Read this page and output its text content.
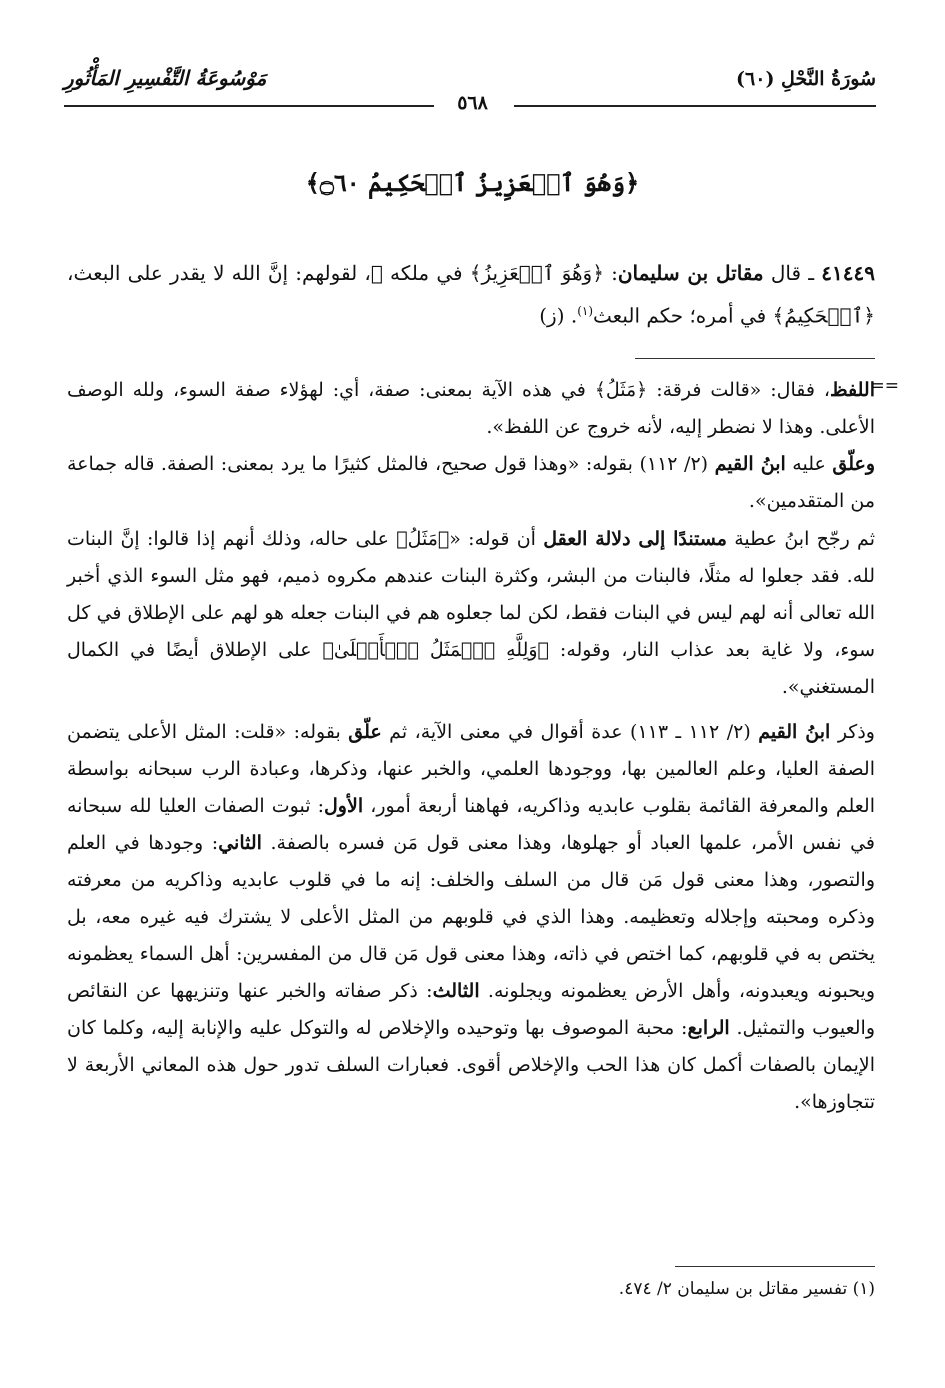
سُورَةُ النَّحْلِ (٦٠)
مَوْسُوعَةُ التَّفْسِيرِ المَأْثُورِ
٥٦٨
﴿وَهُوَ ٱلۡعَزِيزُ ٱلۡحَكِيمُ ۝٦٠﴾
٤١٤٤٩ ـ قال مقاتل بن سليمان: ﴿وَهُوَ ٱلۡعَزِيزُ﴾ في ملكه ﷻ، لقولهم: إنَّ الله لا يقدر على البعث، ﴿ٱلۡحَكِيمُ﴾ في أمره؛ حكم البعث$^{(١)}$. (ز)
==
اللفظ، فقال: «قالت فرقة: ﴿مَثَلُ﴾ في هذه الآية بمعنى: صفة، أي: لهؤلاء صفة السوء، ولله الوصف الأعلى. وهذا لا نضطر إليه، لأنه خروج عن اللفظ».
وعلّق عليه ابنُ القيم (٢/ ١١٢) بقوله: «وهذا قول صحيح، فالمثل كثيرًا ما يرد بمعنى: الصفة. قاله جماعة من المتقدمين».
ثم رجّح ابنُ عطية مستندًا إلى دلالة العقل أن قوله: «﴿مَثَلُ﴾ على حاله، وذلك أنهم إذا قالوا: إنَّ البنات لله. فقد جعلوا له مثلًا، فالبنات من البشر، وكثرة البنات عندهم مكروه ذميم، فهو مثل السوء الذي أخبر الله تعالى أنه لهم ليس في البنات فقط، لكن لما جعلوه هم في البنات جعله هو لهم على الإطلاق في كل سوء، ولا غاية بعد عذاب النار، وقوله: ﴿وَلِلَّهِ ٱلۡمَثَلُ ٱلۡأَعۡلَىٰ﴾ على الإطلاق أيضًا في الكمال المستغني».
وذكر ابنُ القيم (٢/ ١١٢ ـ ١١٣) عدة أقوال في معنى الآية، ثم علّق بقوله: «قلت: المثل الأعلى يتضمن الصفة العليا، وعلم العالمين بها، ووجودها العلمي، والخبر عنها، وذكرها، وعبادة الرب سبحانه بواسطة العلم والمعرفة القائمة بقلوب عابديه وذاكريه، فهاهنا أربعة أمور، الأول: ثبوت الصفات العليا لله سبحانه في نفس الأمر، علمها العباد أو جهلوها، وهذا معنى قول مَن فسره بالصفة. الثاني: وجودها في العلم والتصور، وهذا معنى قول مَن قال من السلف والخلف: إنه ما في قلوب عابديه وذاكريه من معرفته وذكره ومحبته وإجلاله وتعظيمه. وهذا الذي في قلوبهم من المثل الأعلى لا يشترك فيه غيره معه، بل يختص به في قلوبهم، كما اختص في ذاته، وهذا معنى قول مَن قال من المفسرين: أهل السماء يعظمونه ويحبونه ويعبدونه، وأهل الأرض يعظمونه ويجلونه. الثالث: ذكر صفاته والخبر عنها وتنزيهها عن النقائص والعيوب والتمثيل. الرابع: محبة الموصوف بها وتوحيده والإخلاص له والتوكل عليه والإنابة إليه، وكلما كان الإيمان بالصفات أكمل كان هذا الحب والإخلاص أقوى. فعبارات السلف تدور حول هذه المعاني الأربعة لا تتجاوزها».
(١) تفسير مقاتل بن سليمان ٢/ ٤٧٤.
